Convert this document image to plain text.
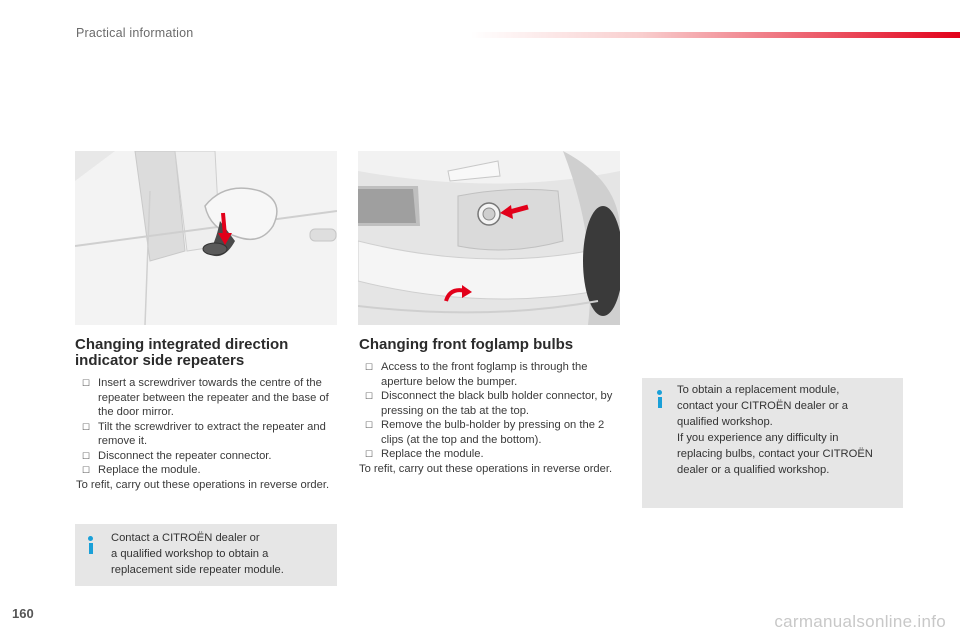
Practical information
Changing integrated direction
indicator side repeaters
☐ Insert a screwdriver towards the centre of the repeater between the repeater and the base of the door mirror.
☐ Tilt the screwdriver to extract the repeater and remove it.
☐ Disconnect the repeater connector.
☐ Replace the module.
To refit, carry out these operations in reverse order.
Contact a CITROËN dealer or
a qualified workshop to obtain a
replacement side repeater module.
Changing front foglamp bulbs
☐ Access to the front foglamp is through the aperture below the bumper.
☐ Disconnect the black bulb holder connector, by pressing on the tab at the top.
☐ Remove the bulb-holder by pressing on the 2 clips (at the top and the bottom).
☐ Replace the module.
To refit, carry out these operations in reverse order.
To obtain a replacement module,
contact your CITROËN dealer or a
qualified workshop.
If you experience any difficulty in
replacing bulbs, contact your CITROËN
dealer or a qualified workshop.
160	carmanualsonline.info
